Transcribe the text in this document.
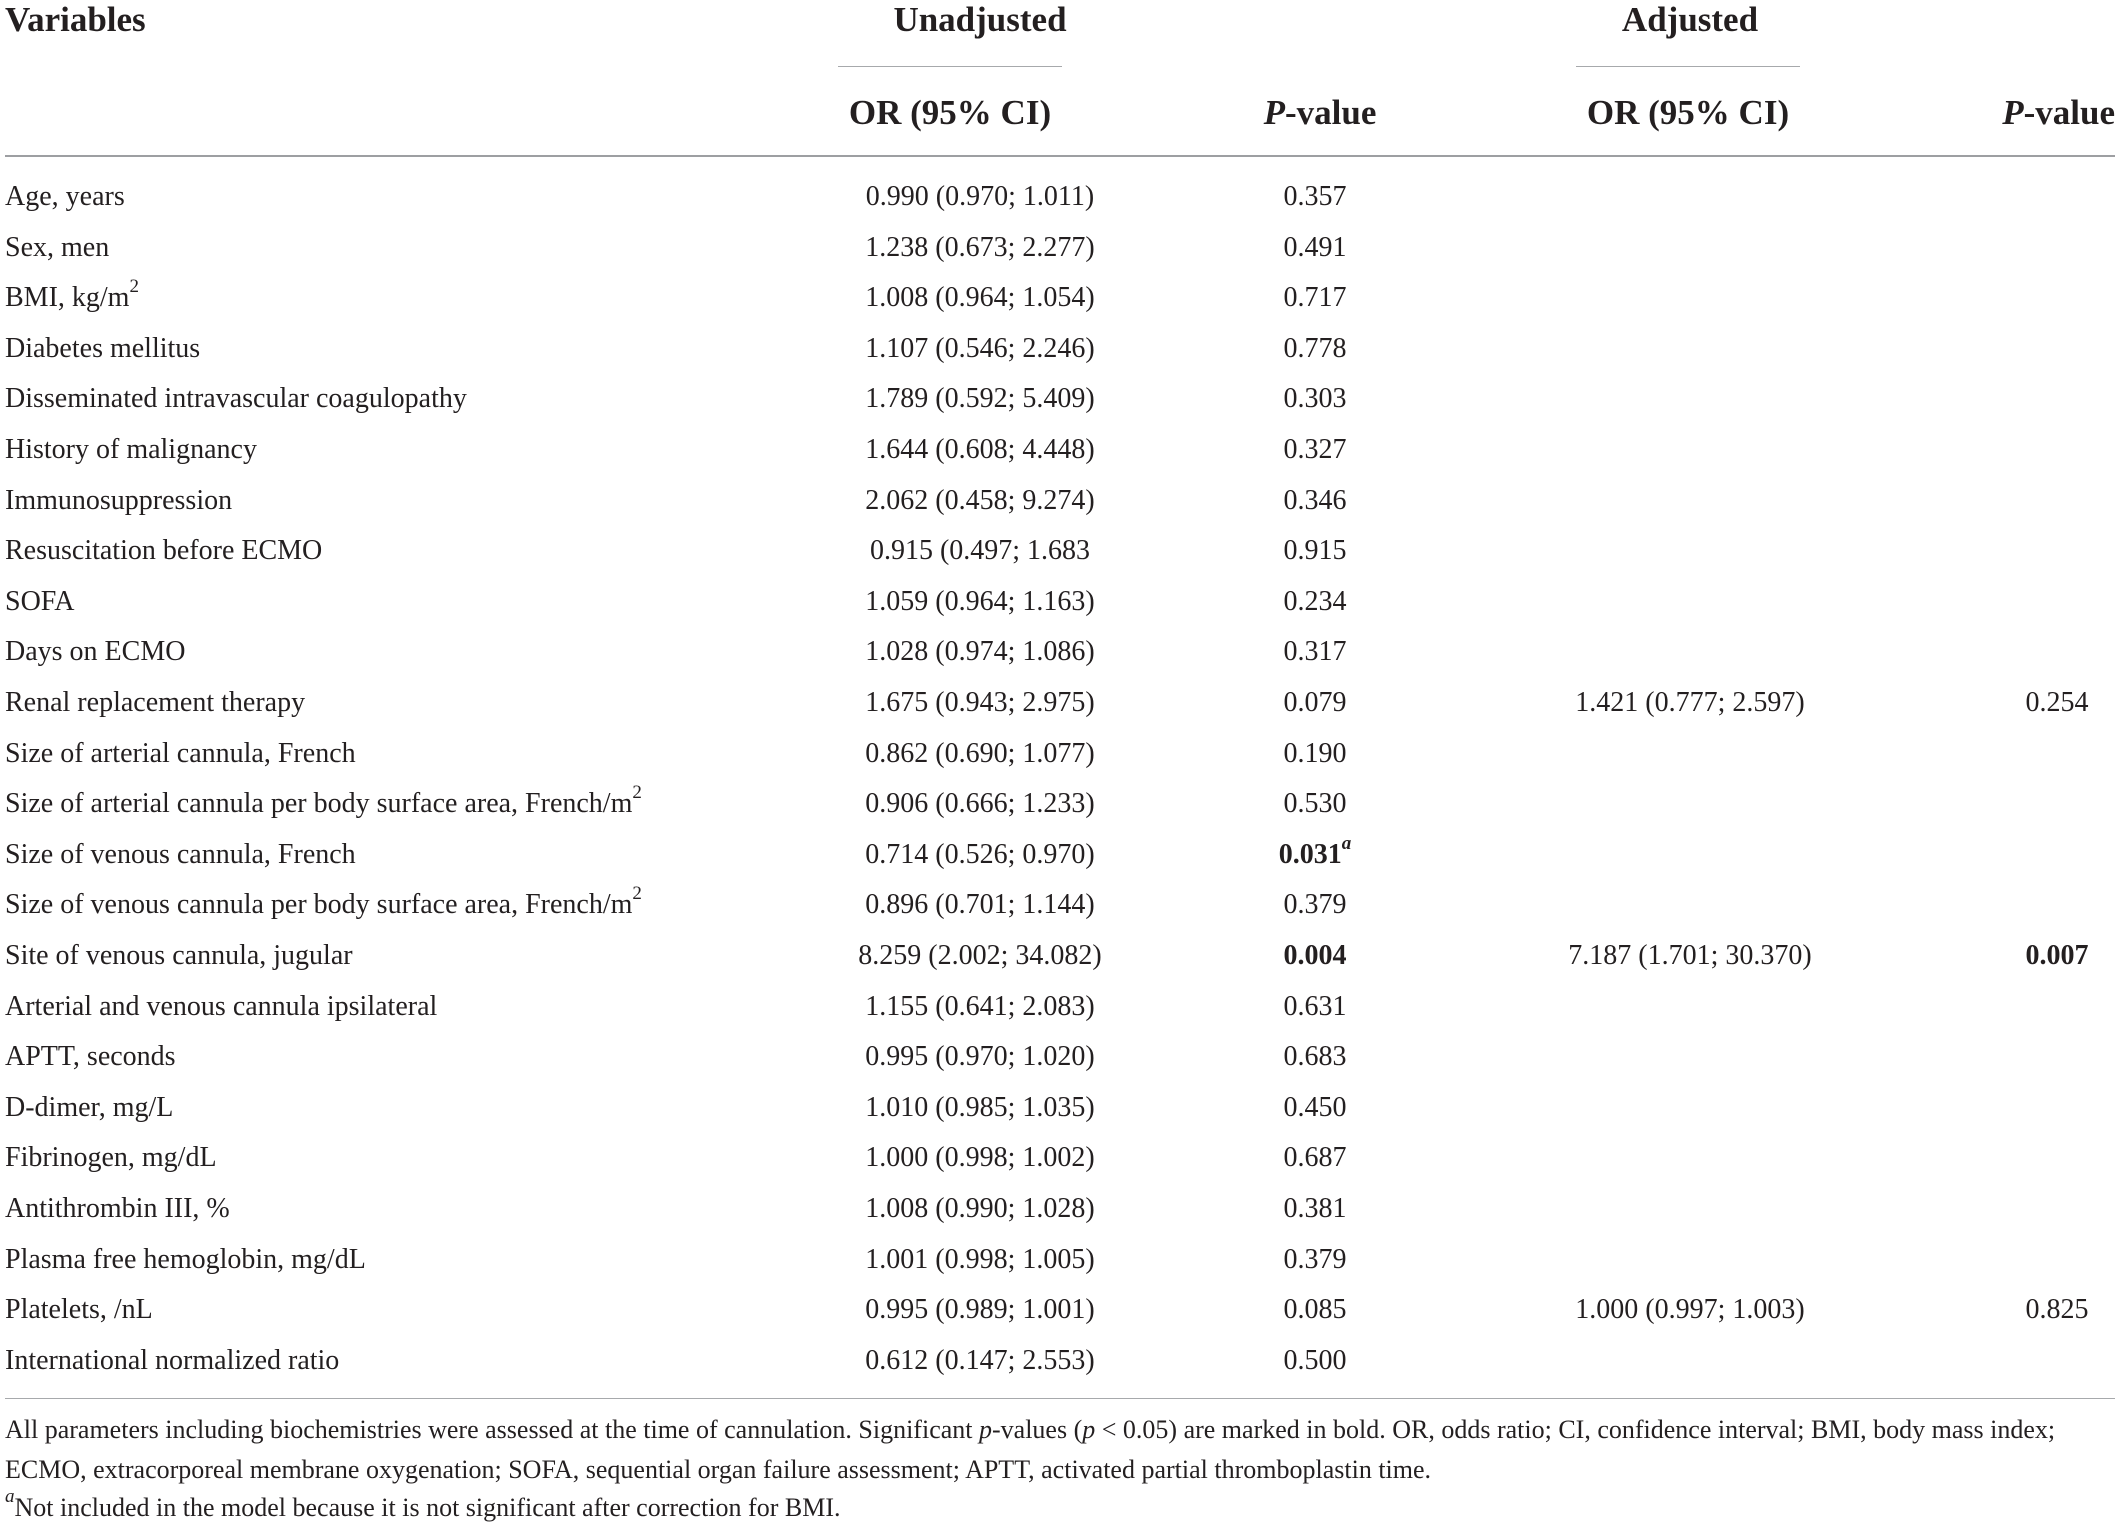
Variables	Unadjusted	Adjusted
OR (95% CI)	P-value	OR (95% CI)	P-value
Age, years	0.990 (0.970; 1.011)	0.357
Sex, men	1.238 (0.673; 2.277)	0.491
BMI, $kg/m^2$	1.008 (0.964; 1.054)	0.717
Diabetes mellitus	1.107 (0.546; 2.246)	0.778
Disseminated intravascular coagulopathy	1.789 (0.592; 5.409)	0.303
History of malignancy	1.644 (0.608; 4.448)	0.327
Immunosuppression	2.062 (0.458; 9.274)	0.346
Resuscitation before ECMO	0.915 (0.497; 1.683	0.915
SOFA	1.059 (0.964; 1.163)	0.234
Days on ECMO	1.028 (0.974; 1.086)	0.317
Renal replacement therapy	1.675 (0.943; 2.975)	0.079	1.421 (0.777; 2.597)	0.254
Size of arterial cannula, French	0.862 (0.690; 1.077)	0.190
Size of arterial cannula per body surface area, French/$m^2$	0.906 (0.666; 1.233)	0.530
Size of venous cannula, French	0.714 (0.526; 0.970)	0.031$^a$
Size of venous cannula per body surface area, French/$m^2$	0.896 (0.701; 1.144)	0.379
Site of venous cannula, jugular	8.259 (2.002; 34.082)	0.004	7.187 (1.701; 30.370)	0.007
Arterial and venous cannula ipsilateral	1.155 (0.641; 2.083)	0.631
APTT, seconds	0.995 (0.970; 1.020)	0.683
D-dimer, mg/L	1.010 (0.985; 1.035)	0.450
Fibrinogen, mg/dL	1.000 (0.998; 1.002)	0.687
Antithrombin III, %	1.008 (0.990; 1.028)	0.381
Plasma free hemoglobin, mg/dL	1.001 (0.998; 1.005)	0.379
Platelets, /nL	0.995 (0.989; 1.001)	0.085	1.000 (0.997; 1.003)	0.825
International normalized ratio	0.612 (0.147; 2.553)	0.500
All parameters including biochemistries were assessed at the time of cannulation. Significant p-values (p < 0.05) are marked in bold. OR, odds ratio; CI, confidence interval; BMI, body mass index; ECMO, extracorporeal membrane oxygenation; SOFA, sequential organ failure assessment; APTT, activated partial thromboplastin time.
$^a$Not included in the model because it is not significant after correction for BMI.
